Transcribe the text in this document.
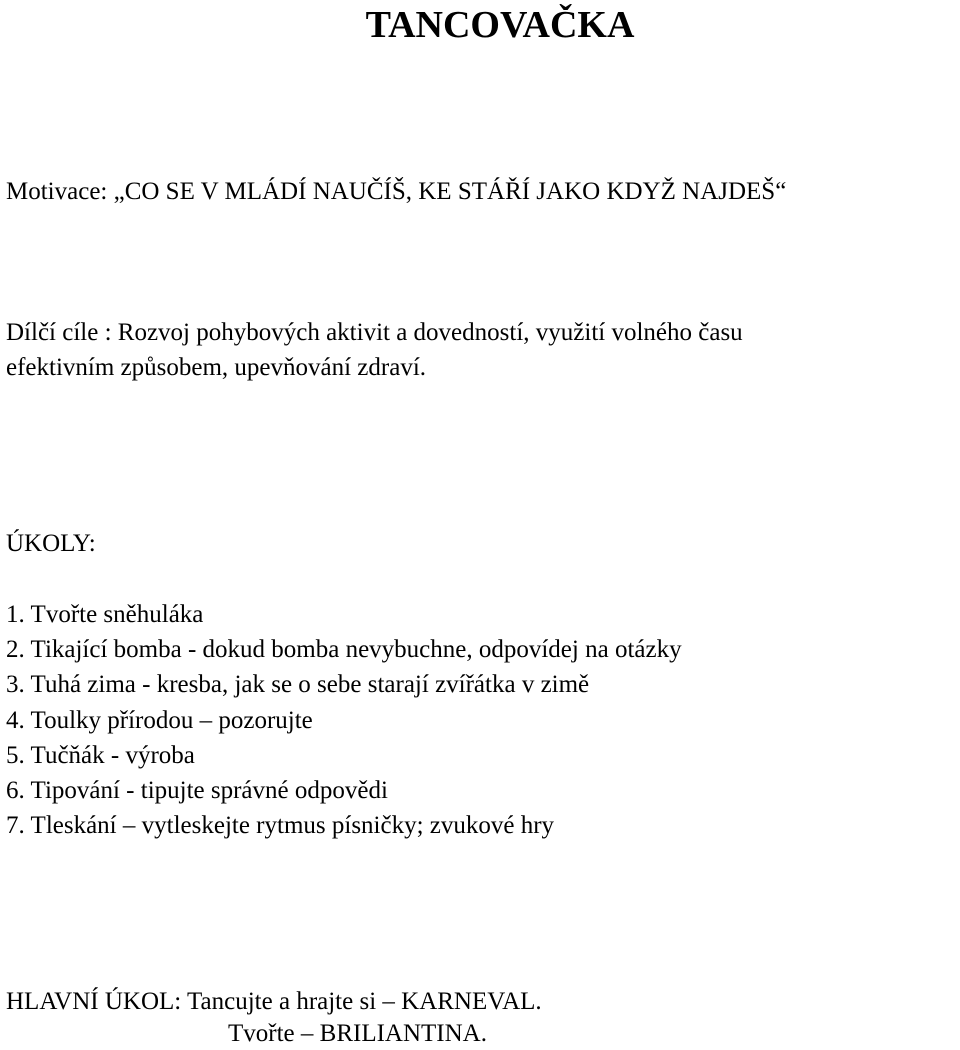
TANCOVAČKA

Motivace: „CO SE V MLÁDÍ NAUČÍŠ, KE STÁŘÍ JAKO KDYŽ NAJDEŠ“

Dílčí cíle : Rozvoj pohybových aktivit a dovedností, využití volného času

efektivním způsobem, upevňování zdraví.

ÚKOLY:

1. Tvořte sněhuláka
2. Tikající bomba - dokud bomba nevybuchne, odpovídej na otázky
3. Tuhá zima - kresba, jak se o sebe starají zvířátka v zimě
4. Toulky přírodou – pozorujte
5. Tučňák - výroba
6. Tipování - tipujte správné odpovědi
7. Tleskání – vytleskejte rytmus písničky; zvukové hry

HLAVNÍ ÚKOL: Tancujte a hrajte si – KARNEVAL.

Tvořte – BRILIANTINA.
